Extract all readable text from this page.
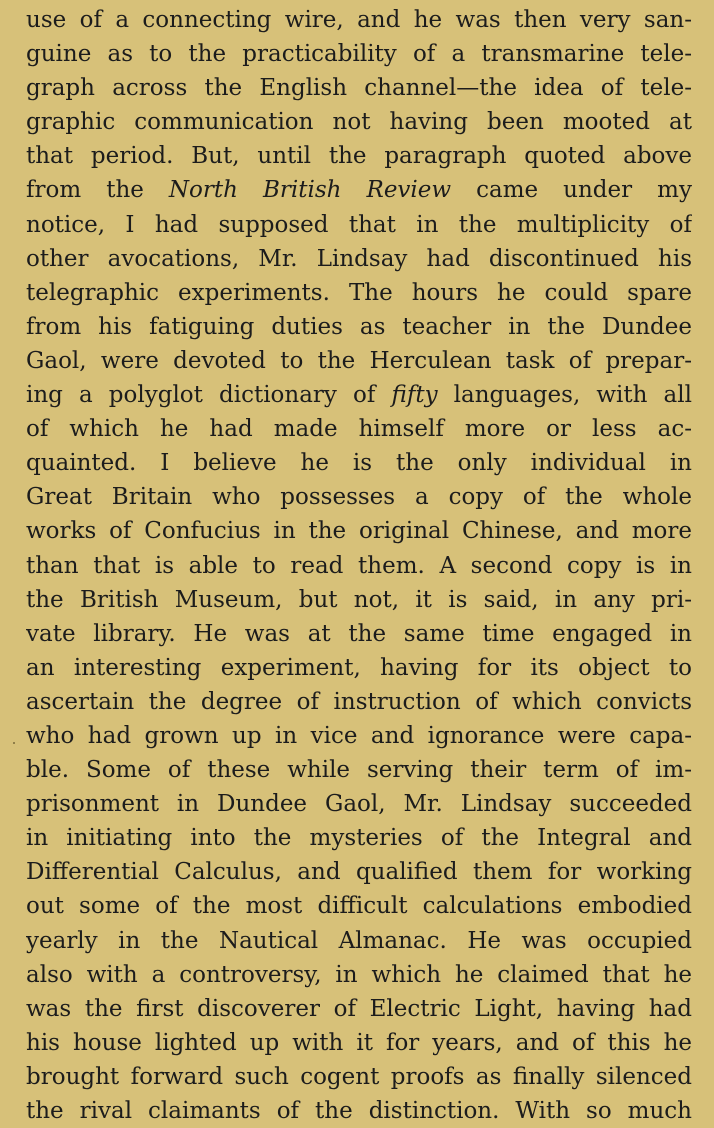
use of a connecting wire, and he was then very san-
guine as to the practicability of a transmarine tele-
graph across the English channel—the idea of tele-
graphic communication not having been mooted at
that period. But, until the paragraph quoted above
from the North British Review came under my
notice, I had supposed that in the multiplicity of
other avocations, Mr. Lindsay had discontinued his
telegraphic experiments. The hours he could spare
from his fatiguing duties as teacher in the Dundee
Gaol, were devoted to the Herculean task of prepar-
ing a polyglot dictionary of fifty languages, with all
of which he had made himself more or less ac-
quainted. I believe he is the only individual in
Great Britain who possesses a copy of the whole
works of Confucius in the original Chinese, and more
than that is able to read them. A second copy is in
the British Museum, but not, it is said, in any pri-
vate library. He was at the same time engaged in
an interesting experiment, having for its object to
ascertain the degree of instruction of which convicts
who had grown up in vice and ignorance were capa-
ble. Some of these while serving their term of im-
prisonment in Dundee Gaol, Mr. Lindsay succeeded
in initiating into the mysteries of the Integral and
Differential Calculus, and qualified them for working
out some of the most difficult calculations embodied
yearly in the Nautical Almanac. He was occupied
also with a controversy, in which he claimed that he
was the first discoverer of Electric Light, having had
his house lighted up with it for years, and of this he
brought forward such cogent proofs as finally silenced
the rival claimants of the distinction. With so much
